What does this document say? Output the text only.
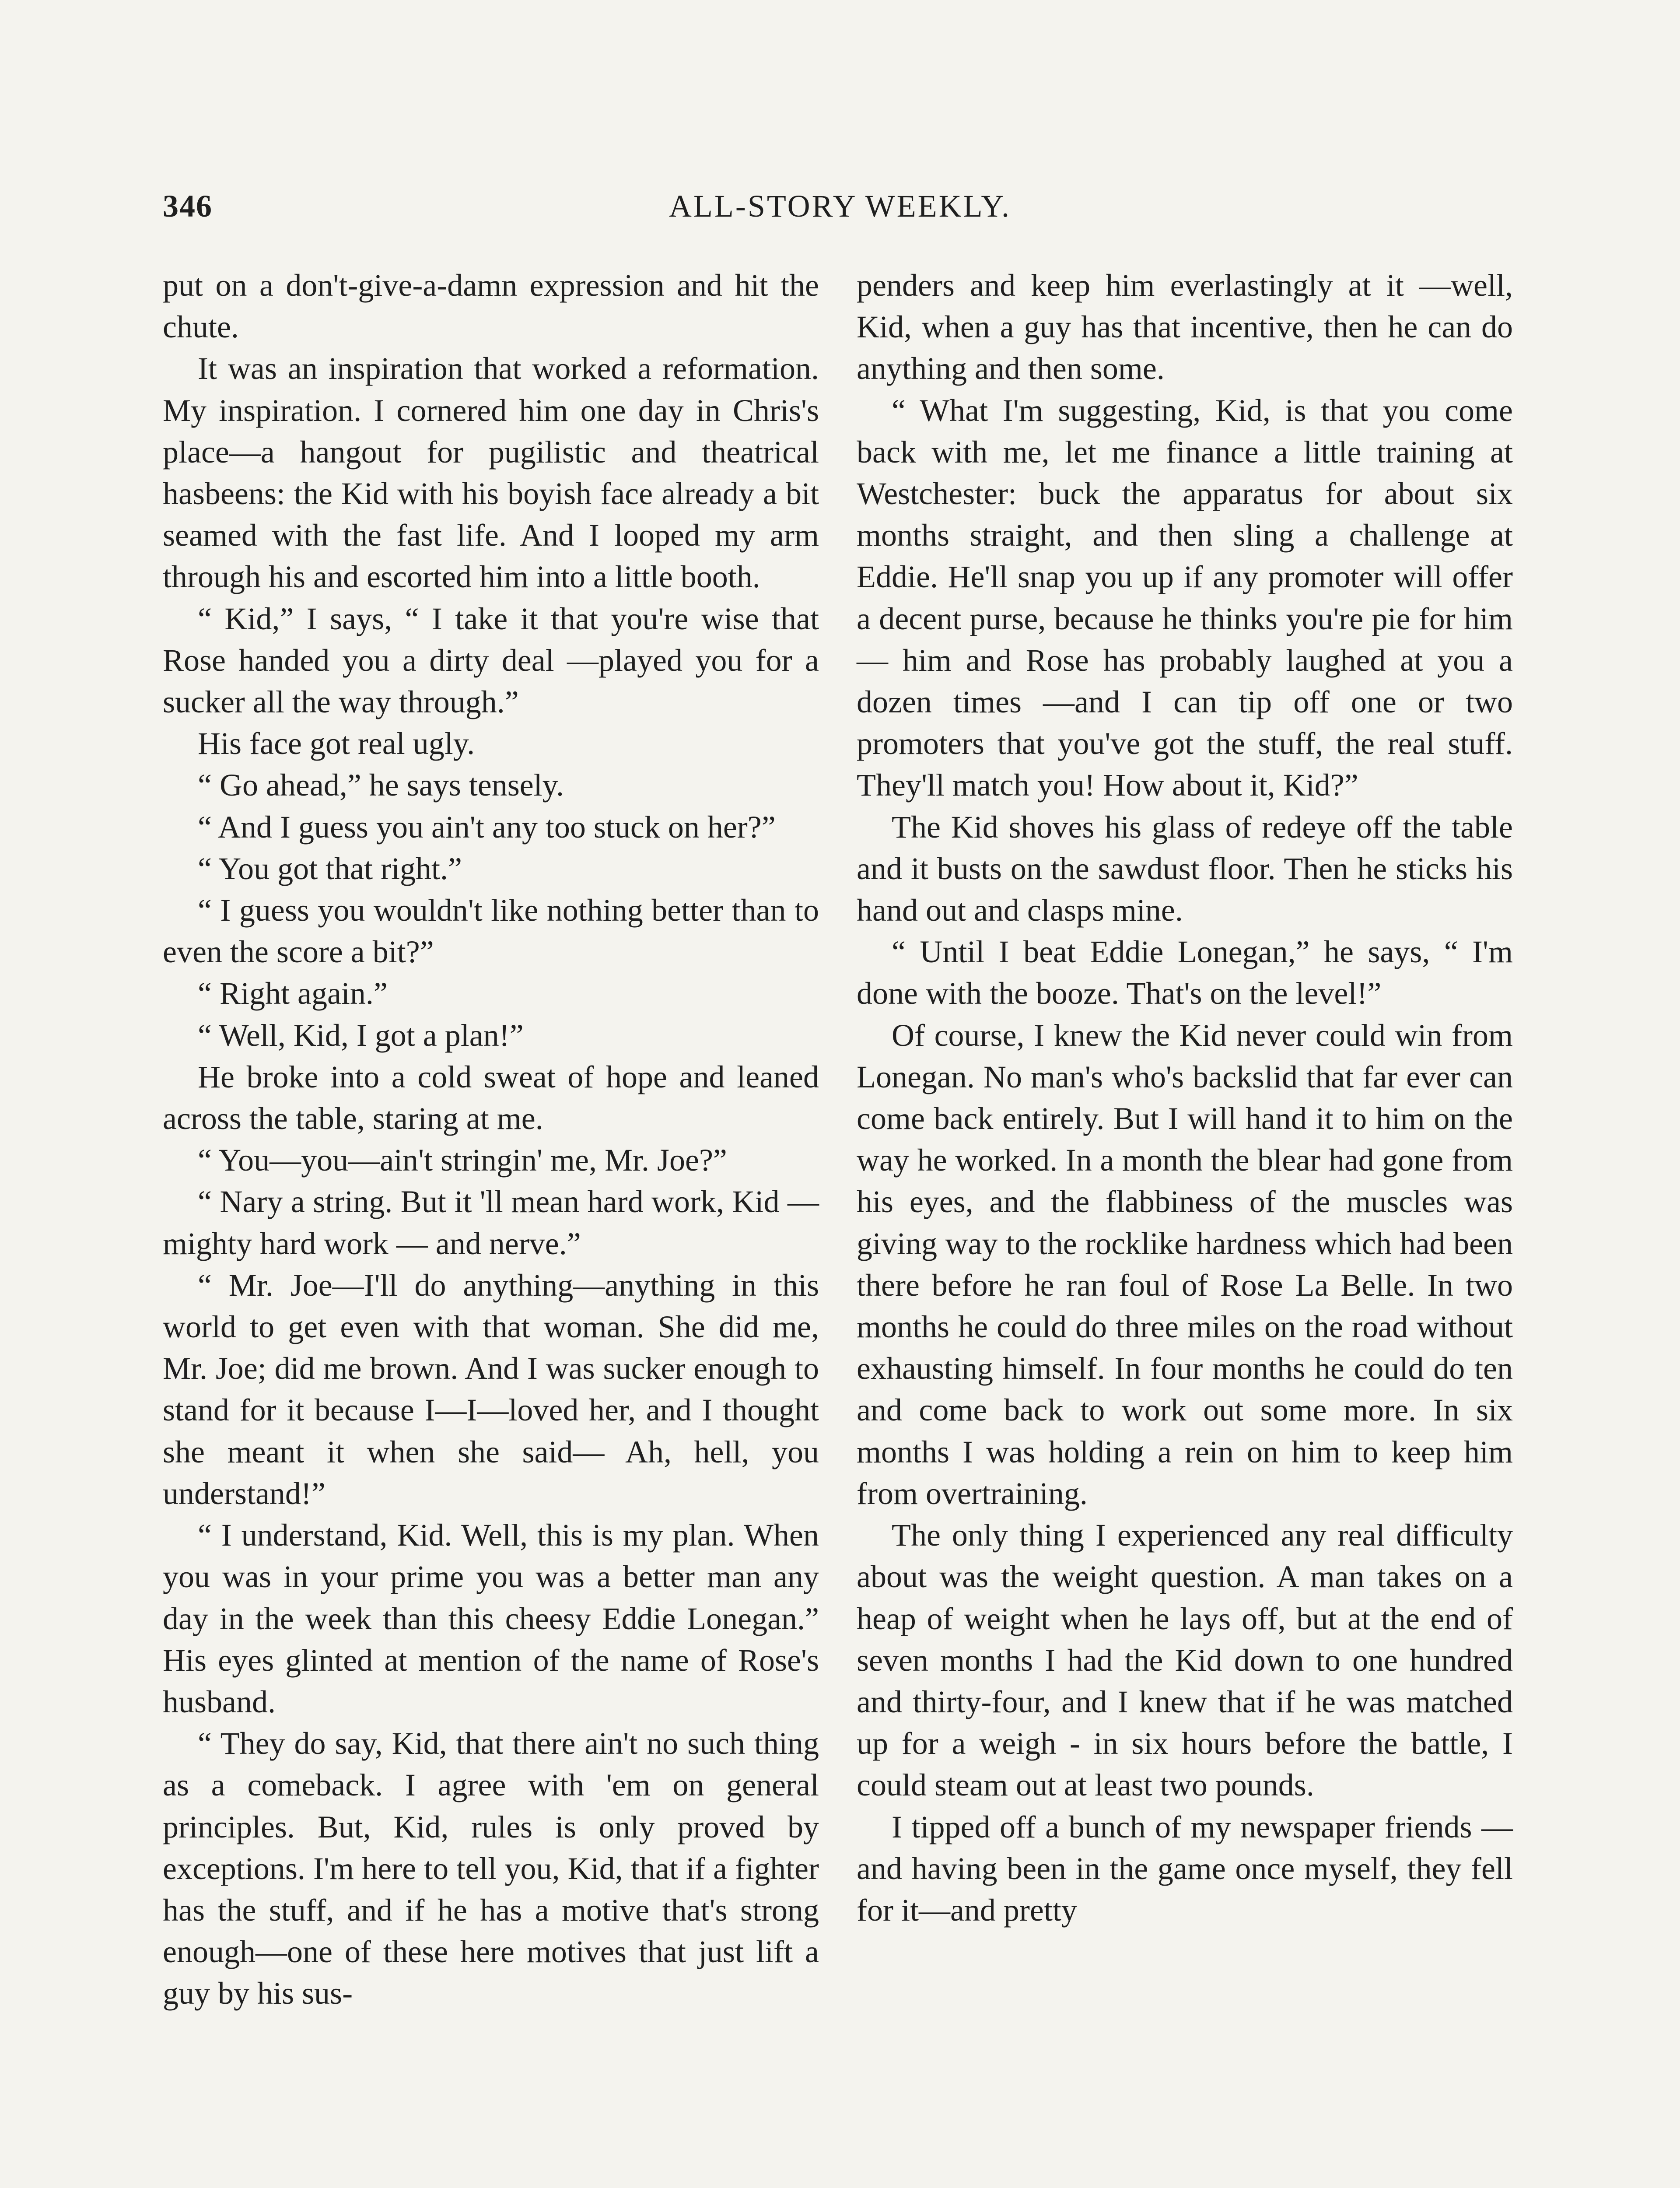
346	ALL-STORY WEEKLY.

put on a don't-give-a-damn expression and hit the chute.

It was an inspiration that worked a reformation. My inspiration. I cornered him one day in Chris's place—a hangout for pugilistic and theatrical hasbeens: the Kid with his boyish face already a bit seamed with the fast life. And I looped my arm through his and escorted him into a little booth.

“ Kid,” I says, “ I take it that you're wise that Rose handed you a dirty deal —played you for a sucker all the way through.”

His face got real ugly.

“ Go ahead,” he says tensely.

“ And I guess you ain't any too stuck on her?”

“ You got that right.”

“ I guess you wouldn't like nothing better than to even the score a bit?”

“ Right again.”

“ Well, Kid, I got a plan!”

He broke into a cold sweat of hope and leaned across the table, staring at me.

“ You—you—ain't stringin' me, Mr. Joe?”

“ Nary a string. But it 'll mean hard work, Kid — mighty hard work — and nerve.”

“ Mr. Joe—I'll do anything—anything in this world to get even with that woman. She did me, Mr. Joe; did me brown. And I was sucker enough to stand for it because I—I—loved her, and I thought she meant it when she said— Ah, hell, you understand!”

“ I understand, Kid. Well, this is my plan. When you was in your prime you was a better man any day in the week than this cheesy Eddie Lonegan.” His eyes glinted at mention of the name of Rose's husband.

“ They do say, Kid, that there ain't no such thing as a comeback. I agree with 'em on general principles. But, Kid, rules is only proved by exceptions. I'm here to tell you, Kid, that if a fighter has the stuff, and if he has a motive that's strong enough—one of these here motives that just lift a guy by his sus-

penders and keep him everlastingly at it —well, Kid, when a guy has that incentive, then he can do anything and then some.

“ What I'm suggesting, Kid, is that you come back with me, let me finance a little training at Westchester: buck the apparatus for about six months straight, and then sling a challenge at Eddie. He'll snap you up if any promoter will offer a decent purse, because he thinks you're pie for him — him and Rose has probably laughed at you a dozen times —and I can tip off one or two promoters that you've got the stuff, the real stuff. They'll match you! How about it, Kid?”

The Kid shoves his glass of redeye off the table and it busts on the sawdust floor. Then he sticks his hand out and clasps mine.

“ Until I beat Eddie Lonegan,” he says, “ I'm done with the booze. That's on the level!”

Of course, I knew the Kid never could win from Lonegan. No man's who's backslid that far ever can come back entirely. But I will hand it to him on the way he worked. In a month the blear had gone from his eyes, and the flabbiness of the muscles was giving way to the rocklike hardness which had been there before he ran foul of Rose La Belle. In two months he could do three miles on the road without exhausting himself. In four months he could do ten and come back to work out some more. In six months I was holding a rein on him to keep him from overtraining.

The only thing I experienced any real difficulty about was the weight question. A man takes on a heap of weight when he lays off, but at the end of seven months I had the Kid down to one hundred and thirty-four, and I knew that if he was matched up for a weigh - in six hours before the battle, I could steam out at least two pounds.

I tipped off a bunch of my newspaper friends — and having been in the game once myself, they fell for it—and pretty
